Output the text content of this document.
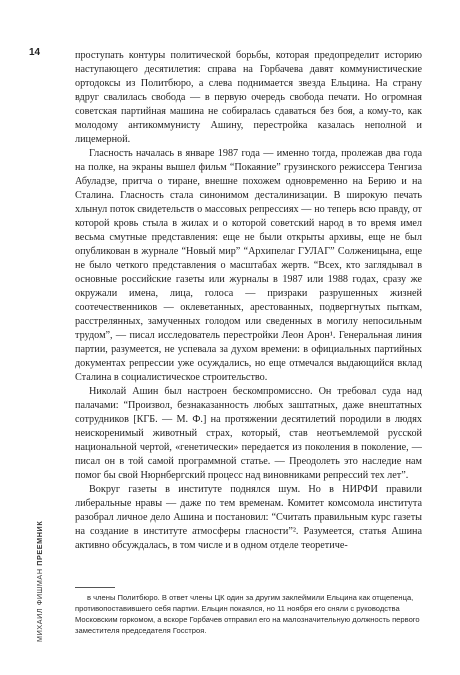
14
МИХАИЛ ФИШМАН ПРЕЕМНИК

проступать контуры политической борьбы, которая предопределит историю наступающего десятилетия: справа на Горбачева давят коммунистические ортодоксы из Политбюро, а слева поднимается звезда Ельцина. На страну вдруг свалилась свобода — в первую очередь свобода печати. Но огромная советская партийная машина не собиралась сдаваться без боя, а кому-то, как молодому антикоммунисту Ашину, перестройка казалась неполной и лицемерной.

Гласность началась в январе 1987 года — именно тогда, пролежав два года на полке, на экраны вышел фильм “Покаяние” грузинского режиссера Тенгиза Абуладзе, притча о тиране, внешне похожем одновременно на Берию и на Сталина. Гласность стала синонимом десталинизации. В широкую печать хлынул поток свидетельств о массовых репрессиях — но теперь всю правду, от которой кровь стыла в жилах и о которой советский народ в то время имел весьма смутные представления: еще не были открыты архивы, еще не был опубликован в журнале “Новый мир” “Архипелаг ГУЛАГ” Солженицына, еще не было четкого представления о масштабах жертв. “Всех, кто заглядывал в основные российские газеты или журналы в 1987 или 1988 годах, сразу же окружали имена, лица, голоса — призраки разрушенных жизней соотечественников — оклеветанных, арестованных, подвергнутых пыткам, расстрелянных, замученных голодом или сведенных в могилу непосильным трудом”, — писал исследователь перестройки Леон Арон¹. Генеральная линия партии, разумеется, не успевала за духом времени: в официальных партийных документах репрессии уже осуждались, но еще отмечался выдающийся вклад Сталина в социалистическое строительство.

Николай Ашин был настроен бескомпромиссно. Он требовал суда над палачами: “Произвол, безнаказанность любых заштатных, даже внештатных сотрудников [КГБ. — М. Ф.] на протяжении десятилетий породили в людях неискоренимый животный страх, который, став неотъемлемой русской национальной чертой, «генетически» передается из поколения в поколение, — писал он в той самой программной статье. — Преодолеть это наследие нам помог бы свой Нюрнбергский процесс над виновниками репрессий тех лет”.

Вокруг газеты в институте поднялся шум. Но в НИРФИ правили либеральные нравы — даже по тем временам. Комитет комсомола института разобрал личное дело Ашина и постановил: “Считать правильным курс газеты на создание в институте атмосферы гласности”². Разумеется, статья Ашина активно обсуждалась, в том числе и в одном отделе теоретиче-

в члены Политбюро. В ответ члены ЦК один за другим заклеймили Ельцина как отщепенца, противопоставившего себя партии. Ельцин покаялся, но 11 ноября его сняли с руководства Московским горкомом, а вскоре Горбачев отправил его на малозначительную должность первого заместителя председателя Госстроя.
